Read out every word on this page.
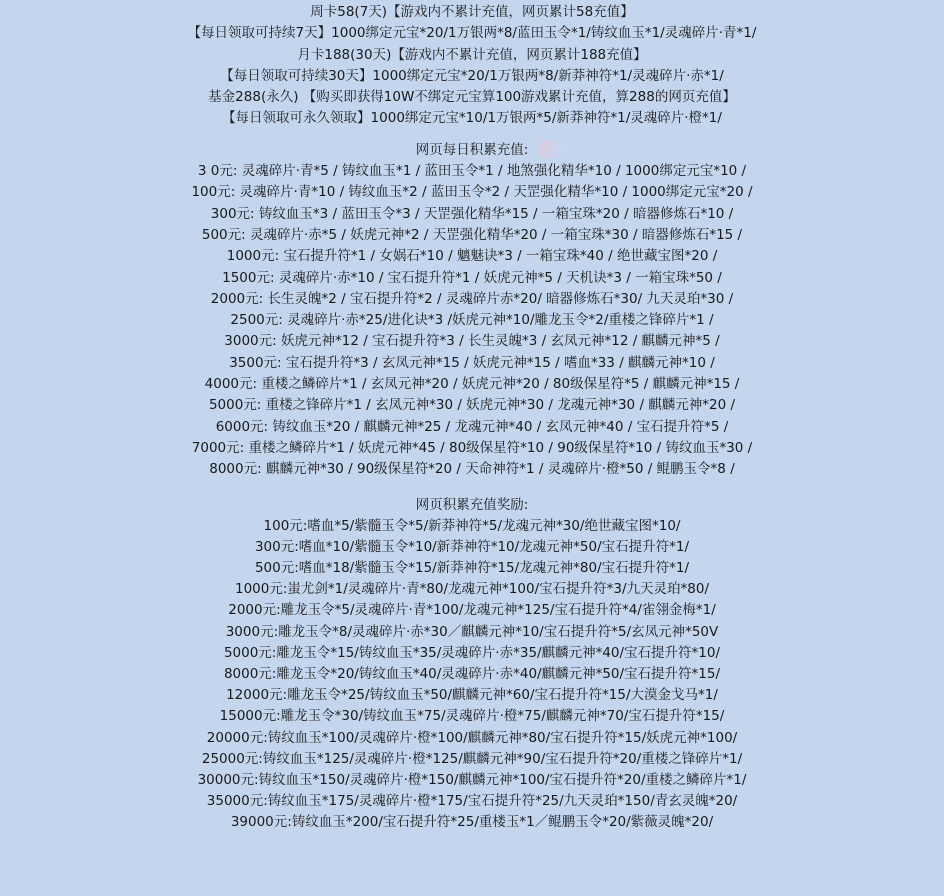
周卡58(7天)【游戏内不累计充值，网页累计58充值】
【每日领取可持续7天】1000绑定元宝*20/1万银两*8/蓝田玉令*1/铸纹血玉*1/灵魂碎片·青*1/
月卡188(30天)【游戏内不累计充值，网页累计188充值】
【每日领取可持续30天】1000绑定元宝*20/1万银两*8/新莽神符*1/灵魂碎片·赤*1/
基金288(永久) 【购买即获得10W不绑定元宝算100游戏累计充值，算288的网页充值】
【每日领取可永久领取】1000绑定元宝*10/1万银两*5/新莽神符*1/灵魂碎片·橙*1/
网页每日积累充值:
3 0元: 灵魂碎片·青*5 / 铸纹血玉*1 / 蓝田玉令*1 / 地煞强化精华*10 / 1000绑定元宝*10 /
100元: 灵魂碎片·青*10 / 铸纹血玉*2 / 蓝田玉令*2 / 天罡强化精华*10 / 1000绑定元宝*20 /
300元: 铸纹血玉*3 / 蓝田玉令*3 / 天罡强化精华*15 / 一箱宝珠*20 / 暗器修炼石*10 /
500元: 灵魂碎片·赤*5 / 妖虎元神*2 / 天罡强化精华*20 / 一箱宝珠*30 / 暗器修炼石*15 /
1000元: 宝石提升符*1 / 女娲石*10 / 魑魅诀*3 / 一箱宝珠*40 / 绝世藏宝图*20 /
1500元: 灵魂碎片·赤*10 / 宝石提升符*1 / 妖虎元神*5 / 天机诀*3 / 一箱宝珠*50 /
2000元: 长生灵魄*2 / 宝石提升符*2 / 灵魂碎片赤*20/ 暗器修炼石*30/ 九天灵珀*30 /
2500元: 灵魂碎片·赤*25/进化诀*3 /妖虎元神*10/雕龙玉令*2/重楼之锋碎片*1 /
3000元: 妖虎元神*12 / 宝石提升符*3 / 长生灵魄*3 / 玄凤元神*12 / 麒麟元神*5 /
3500元: 宝石提升符*3 / 玄凤元神*15 / 妖虎元神*15 / 嗜血*33 / 麒麟元神*10 /
4000元: 重楼之鳞碎片*1 / 玄凤元神*20 / 妖虎元神*20 / 80级保星符*5 / 麒麟元神*15 /
5000元: 重楼之锋碎片*1 / 玄凤元神*30 / 妖虎元神*30 / 龙魂元神*30 / 麒麟元神*20 /
6000元: 铸纹血玉*20 / 麒麟元神*25 / 龙魂元神*40 / 玄凤元神*40 / 宝石提升符*5 /
7000元: 重楼之鳞碎片*1 / 妖虎元神*45 / 80级保星符*10 / 90级保星符*10 / 铸纹血玉*30 /
8000元: 麒麟元神*30 / 90级保星符*20 / 天命神符*1 / 灵魂碎片·橙*50 / 鲲鹏玉令*8 /
网页积累充值奖励:
100元:嗜血*5/紫髓玉令*5/新莽神符*5/龙魂元神*30/绝世藏宝图*10/
300元:嗜血*10/紫髓玉令*10/新莽神符*10/龙魂元神*50/宝石提升符*1/
500元:嗜血*18/紫髓玉令*15/新莽神符*15/龙魂元神*80/宝石提升符*1/
1000元:蚩尤剑*1/灵魂碎片·青*80/龙魂元神*100/宝石提升符*3/九天灵珀*80/
2000元:雕龙玉令*5/灵魂碎片·青*100/龙魂元神*125/宝石提升符*4/雀翎金梅*1/
3000元:雕龙玉令*8/灵魂碎片·赤*30／麒麟元神*10/宝石提升符*5/玄凤元神*50V
5000元:雕龙玉令*15/铸纹血玉*35/灵魂碎片·赤*35/麒麟元神*40/宝石提升符*10/
8000元:雕龙玉令*20/铸纹血玉*40/灵魂碎片·赤*40/麒麟元神*50/宝石提升符*15/
12000元:雕龙玉令*25/铸纹血玉*50/麒麟元神*60/宝石提升符*15/大漠金戈马*1/
15000元:雕龙玉令*30/铸纹血玉*75/灵魂碎片·橙*75/麒麟元神*70/宝石提升符*15/
20000元:铸纹血玉*100/灵魂碎片·橙*100/麒麟元神*80/宝石提升符*15/妖虎元神*100/
25000元:铸纹血玉*125/灵魂碎片·橙*125/麒麟元神*90/宝石提升符*20/重楼之锋碎片*1/
30000元:铸纹血玉*150/灵魂碎片·橙*150/麒麟元神*100/宝石提升符*20/重楼之鳞碎片*1/
35000元:铸纹血玉*175/灵魂碎片·橙*175/宝石提升符*25/九天灵珀*150/青玄灵魄*20/
39000元:铸纹血玉*200/宝石提升符*25/重楼玉*1／鲲鹏玉令*20/紫薇灵魄*20/
